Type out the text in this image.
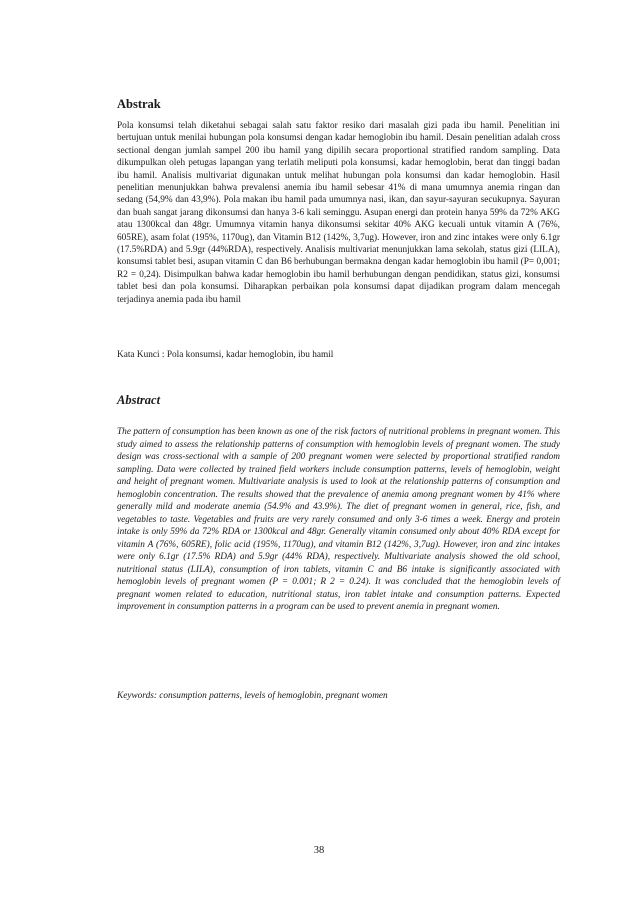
Abstrak

Pola konsumsi telah diketahui sebagai salah satu faktor resiko dari masalah gizi pada ibu hamil. Penelitian ini bertujuan untuk menilai hubungan pola konsumsi dengan kadar hemoglobin ibu hamil. Desain penelitian adalah cross sectional dengan jumlah sampel 200 ibu hamil yang dipilih secara proportional stratified random sampling. Data dikumpulkan oleh petugas lapangan yang terlatih meliputi pola konsumsi, kadar hemoglobin, berat dan tinggi badan ibu hamil. Analisis multivariat digunakan untuk melihat hubungan pola konsumsi dan kadar hemoglobin. Hasil penelitian menunjukkan bahwa prevalensi anemia ibu hamil sebesar 41% di mana umumnya anemia ringan dan sedang (54,9% dan 43,9%). Pola makan ibu hamil pada umumnya nasi, ikan, dan sayur-sayuran secukupnya. Sayuran dan buah sangat jarang dikonsumsi dan hanya 3-6 kali seminggu. Asupan energi dan protein hanya 59% da 72% AKG atau 1300kcal dan 48gr. Umumnya vitamin hanya dikonsumsi sekitar 40% AKG kecuali untuk vitamin A (76%, 605RE), asam folat (195%, 1170ug), dan Vitamin B12 (142%, 3,7ug). However, iron and zinc intakes were only 6.1gr (17.5%RDA) and 5.9gr (44%RDA), respectively. Analisis multivariat menunjukkan lama sekolah, status gizi (LILA), konsumsi tablet besi, asupan vitamin C dan B6 berhubungan bermakna dengan kadar hemoglobin ibu hamil (P= 0,001; R2 = 0,24). Disimpulkan bahwa kadar hemoglobin ibu hamil berhubungan dengan pendidikan, status gizi, konsumsi tablet besi dan pola konsumsi. Diharapkan perbaikan pola konsumsi dapat dijadikan program dalam mencegah terjadinya anemia pada ibu hamil

Kata Kunci : Pola konsumsi, kadar hemoglobin, ibu hamil
Abstract

The pattern of consumption has been known as one of the risk factors of nutritional problems in pregnant women. This study aimed to assess the relationship patterns of consumption with hemoglobin levels of pregnant women. The study design was cross-sectional with a sample of 200 pregnant women were selected by proportional stratified random sampling. Data were collected by trained field workers include consumption patterns, levels of hemoglobin, weight and height of pregnant women. Multivariate analysis is used to look at the relationship patterns of consumption and hemoglobin concentration. The results showed that the prevalence of anemia among pregnant women by 41% where generally mild and moderate anemia (54.9% and 43.9%). The diet of pregnant women in general, rice, fish, and vegetables to taste. Vegetables and fruits are very rarely consumed and only 3-6 times a week. Energy and protein intake is only 59% da 72% RDA or 1300kcal and 48gr. Generally vitamin consumed only about 40% RDA except for vitamin A (76%, 605RE), folic acid (195%, 1170ug), and vitamin B12 (142%, 3,7ug). However, iron and zinc intakes were only 6.1gr (17.5% RDA) and 5.9gr (44% RDA), respectively. Multivariate analysis showed the old school, nutritional status (LILA), consumption of iron tablets, vitamin C and B6 intake is significantly associated with hemoglobin levels of pregnant women (P = 0.001; R 2 = 0.24). It was concluded that the hemoglobin levels of pregnant women related to education, nutritional status, iron tablet intake and consumption patterns. Expected improvement in consumption patterns in a program can be used to prevent anemia in pregnant women.

Keywords: consumption patterns, levels of hemoglobin, pregnant women
38
